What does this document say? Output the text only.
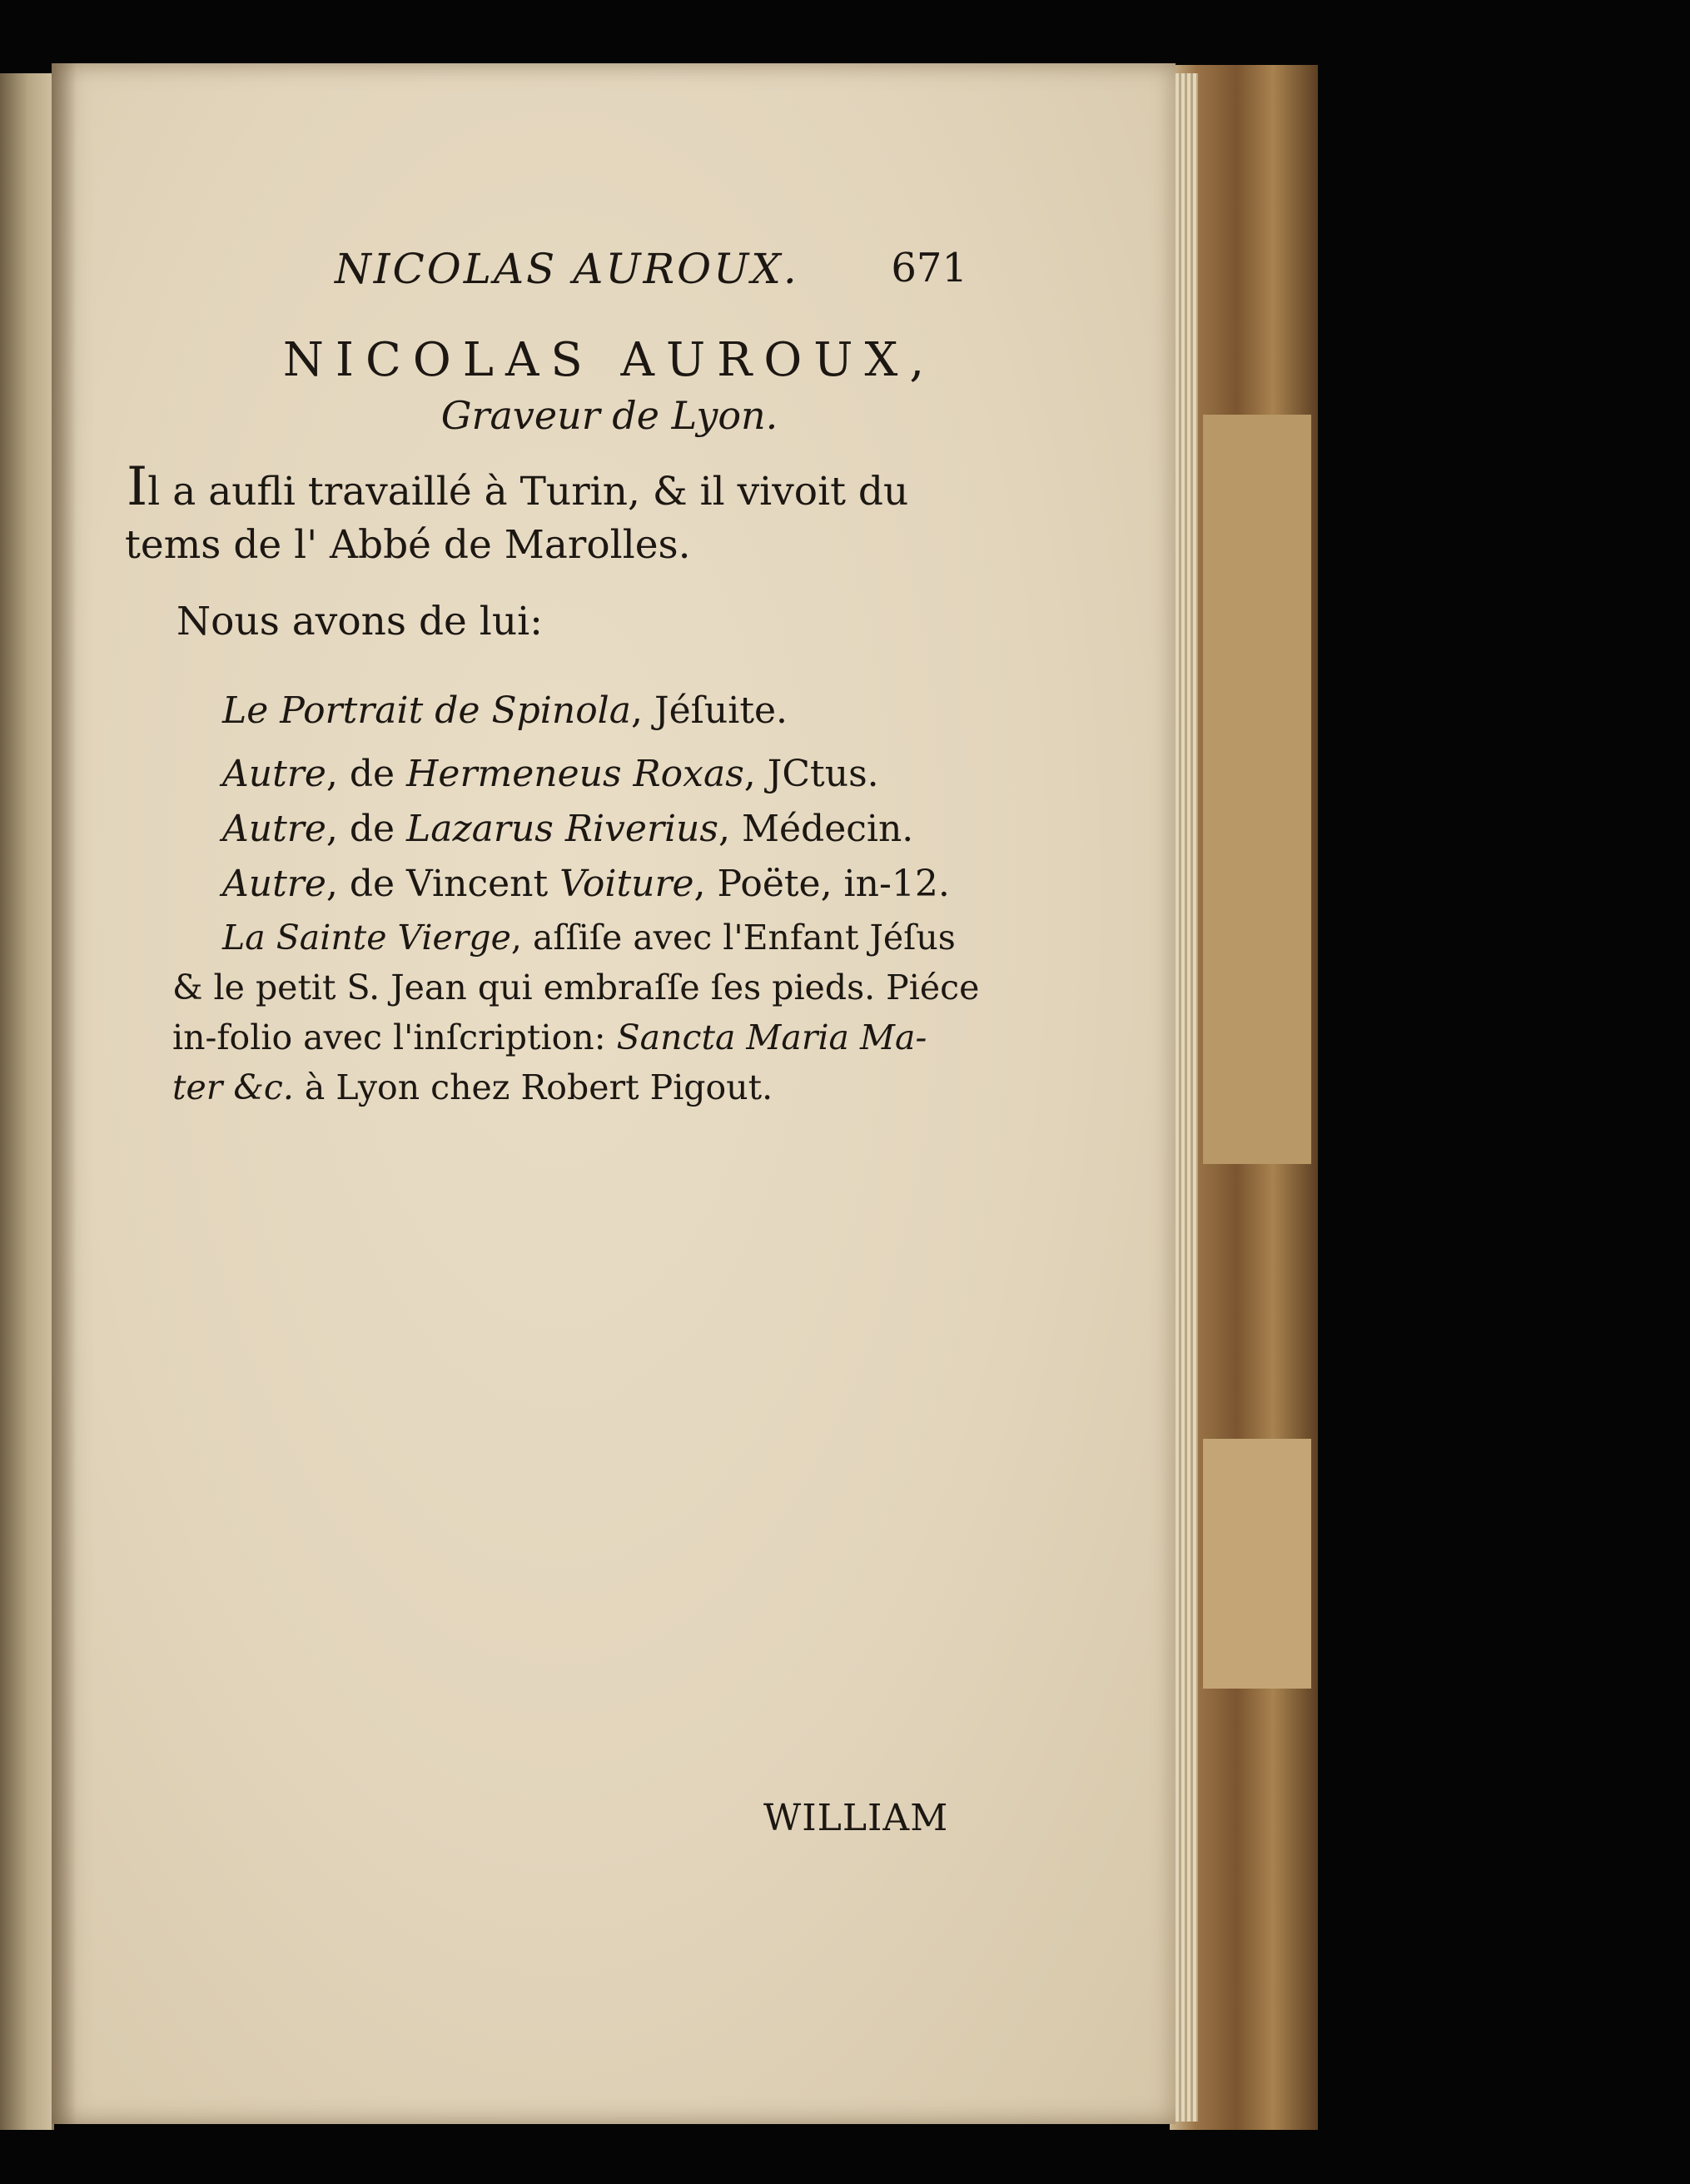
NICOLAS AUROUX. 671
NICOLAS AUROUX,
Graveur de Lyon.
Il a aufli travaillé à Turin, & il vivoit du
tems de l' Abbé de Marolles.
Nous avons de lui:
Le Portrait de Spinola, Jéſuite.
Autre, de Hermeneus Roxas, JCtus.
Autre, de Lazarus Riverius, Médecin.
Autre, de Vincent Voiture, Poëte, in-12.
La Sainte Vierge, aſſiſe avec l'Enfant Jéſus
& le petit S. Jean qui embraſſe ſes pieds. Piéce
in-folio avec l'inſcription: Sancta Maria Ma-
ter &c. à Lyon chez Robert Pigout.
WILLIAM
